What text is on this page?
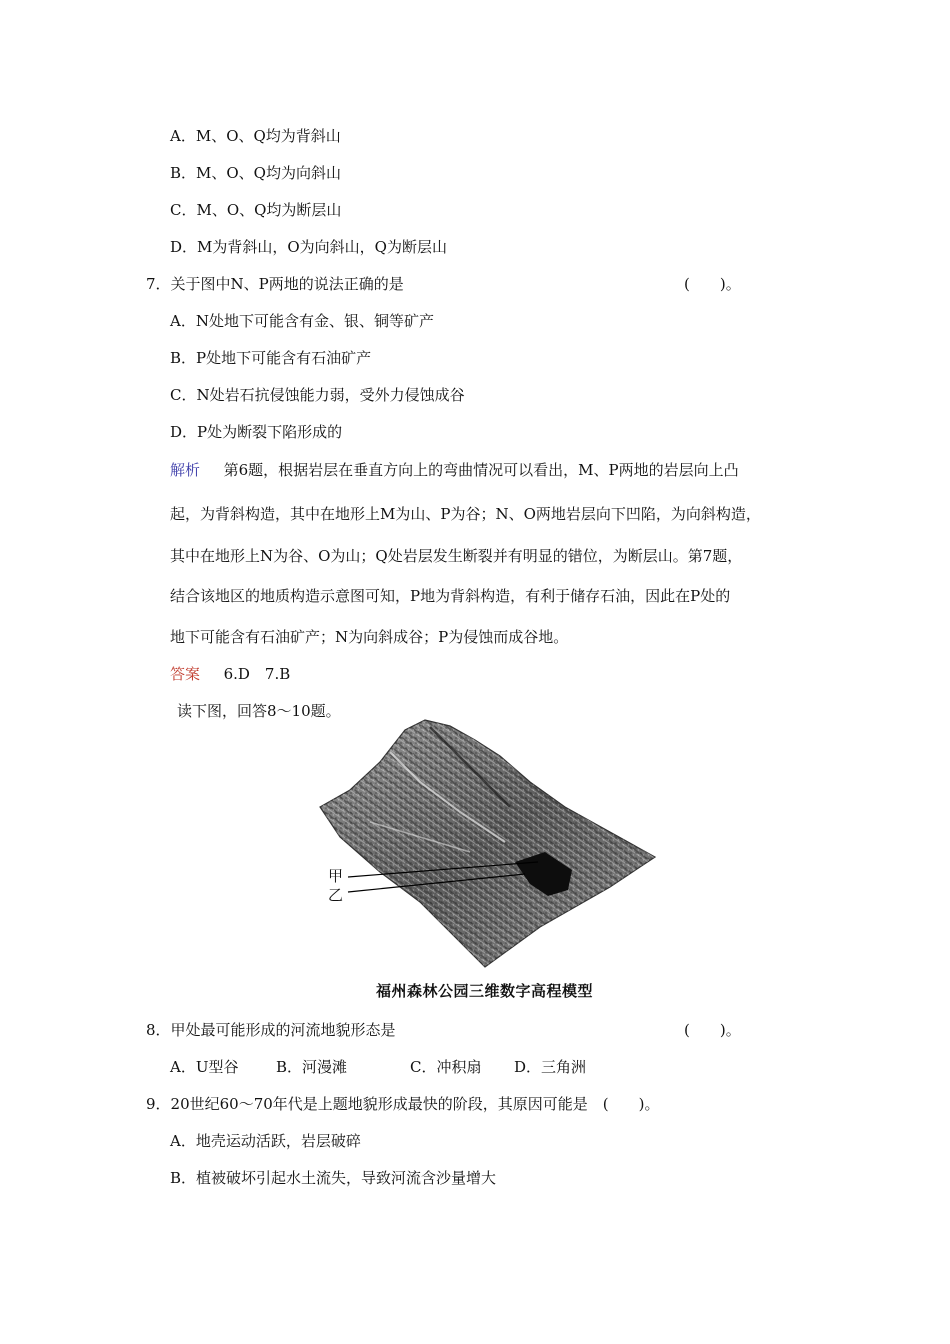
A．M、O、Q均为背斜山
B．M、O、Q均为向斜山
C．M、O、Q均为断层山
D．M为背斜山，O为向斜山，Q为断层山
7．关于图中N、P两地的说法正确的是	(　　)。
A．N处地下可能含有金、银、铜等矿产
B．P处地下可能含有石油矿产
C．N处岩石抗侵蚀能力弱，受外力侵蚀成谷
D．P处为断裂下陷形成的
解析 第6题，根据岩层在垂直方向上的弯曲情况可以看出，M、P两地的岩层向上凸
起，为背斜构造，其中在地形上M为山、P为谷；N、O两地岩层向下凹陷，为向斜构造，
其中在地形上N为谷、O为山；Q处岩层发生断裂并有明显的错位，为断层山。第7题，
结合该地区的地质构造示意图可知，P地为背斜构造，有利于储存石油，因此在P处的
地下可能含有石油矿产；N为向斜成谷；P为侵蚀而成谷地。
答案 6.D　7.B
读下图，回答8～10题。
甲
乙
福州森林公园三维数字高程模型
8．甲处最可能形成的河流地貌形态是	(　　)。
A．U型谷	B．河漫滩	C．冲积扇 D．三角洲
9．20世纪60～70年代是上题地貌形成最快的阶段，其原因可能是　(　　)。
A．地壳运动活跃，岩层破碎
B．植被破坏引起水土流失，导致河流含沙量增大
